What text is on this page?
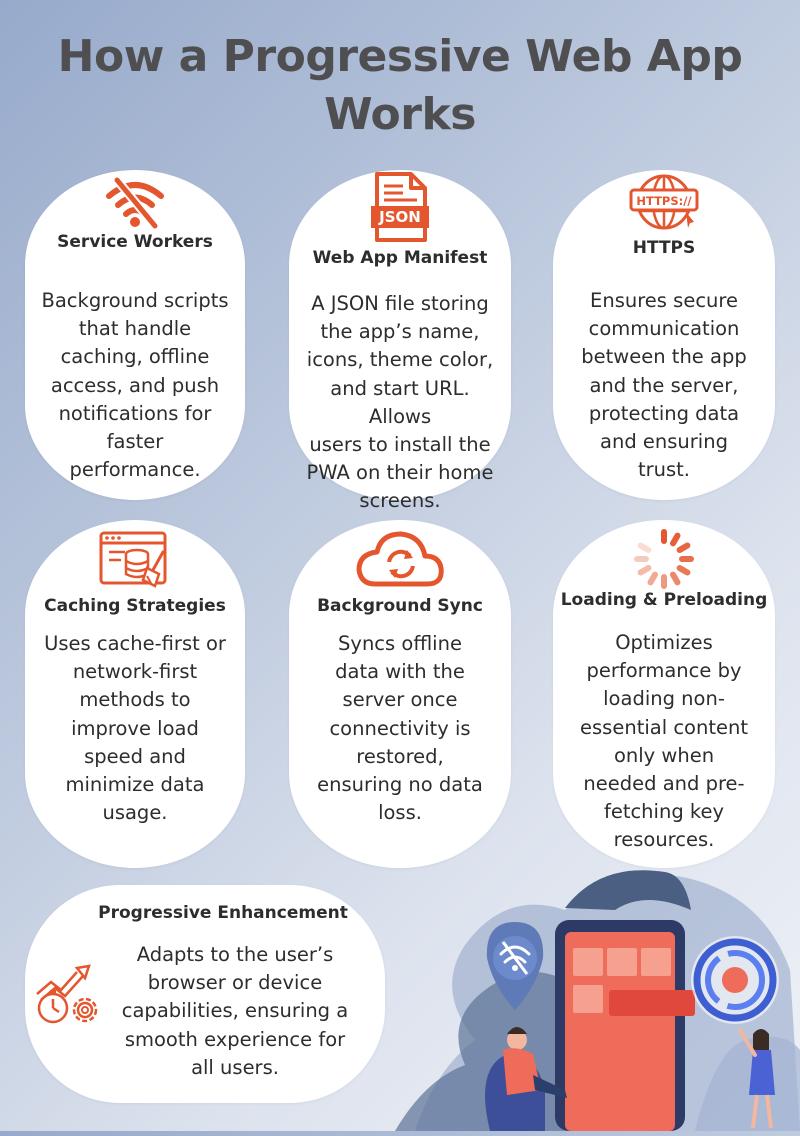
How a Progressive Web App
Works
Service Workers
Background scripts
that handle
caching, offline
access, and push
notifications for
faster
performance.
JSON
Web App Manifest
A JSON file storing
the app’s name,
icons, theme color,
and start URL. Allows
users to install the
PWA on their home
screens.
HTTPS://
HTTPS
Ensures secure
communication
between the app
and the server,
protecting data
and ensuring
trust.
Caching Strategies
Uses cache-first or
network-first
methods to
improve load
speed and
minimize data
usage.
Background Sync
Syncs offline
data with the
server once
connectivity is
restored,
ensuring no data
loss.
Loading & Preloading
Optimizes
performance by
loading non-
essential content
only when
needed and pre-
fetching key
resources.
Progressive Enhancement
Adapts to the user’s
browser or device
capabilities, ensuring a
smooth experience for
all users.
